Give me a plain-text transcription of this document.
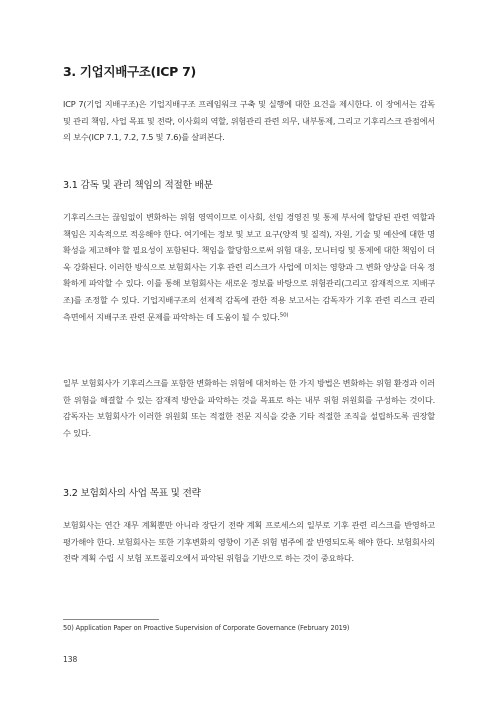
3. 기업지배구조(ICP 7)

ICP 7(기업 지배구조)은 기업지배구조 프레임워크 구축 및 실행에 대한 요건을 제시한다. 이 장에서는 감독 및 관리 책임, 사업 목표 및 전략, 이사회의 역할, 위험관리 관련 의무, 내부통제, 그리고 기후리스크 관점에서의 보수(ICP 7.1, 7.2, 7.5 및 7.6)를 살펴본다.

3.1 감독 및 관리 책임의 적절한 배분

기후리스크는 끊임없이 변화하는 위험 영역이므로 이사회, 선임 경영진 및 통제 부서에 할당된 관련 역할과 책임은 지속적으로 적응해야 한다. 여기에는 정보 및 보고 요구(양적 및 질적), 자원, 기술 및 예산에 대한 명확성을 제고해야 할 필요성이 포함된다. 책임을 할당함으로써 위험 대응, 모니터링 및 통제에 대한 책임이 더욱 강화된다. 이러한 방식으로 보험회사는 기후 관련 리스크가 사업에 미치는 영향과 그 변화 양상을 더욱 정확하게 파악할 수 있다. 이를 통해 보험회사는 새로운 정보를 바탕으로 위험관리(그리고 잠재적으로 지배구조)를 조정할 수 있다. 기업지배구조의 선제적 감독에 관한 적용 보고서는 감독자가 기후 관련 리스크 관리 측면에서 지배구조 관련 문제를 파악하는 데 도움이 될 수 있다.$^{50)}$

일부 보험회사가 기후리스크를 포함한 변화하는 위험에 대처하는 한 가지 방법은 변화하는 위험 환경과 이러한 위험을 해결할 수 있는 잠재적 방안을 파악하는 것을 목표로 하는 내부 위험 위원회를 구성하는 것이다. 감독자는 보험회사가 이러한 위원회 또는 적절한 전문 지식을 갖춘 기타 적절한 조직을 설립하도록 권장할 수 있다.

3.2 보험회사의 사업 목표 및 전략

보험회사는 연간 재무 계획뿐만 아니라 장단기 전략 계획 프로세스의 일부로 기후 관련 리스크를 반영하고 평가해야 한다. 보험회사는 또한 기후변화의 영향이 기존 위험 범주에 잘 반영되도록 해야 한다. 보험회사의 전략 계획 수립 시 보험 포트폴리오에서 파악된 위험을 기반으로 하는 것이 중요하다.

50) Application Paper on Proactive Supervision of Corporate Governance (February 2019)
138
